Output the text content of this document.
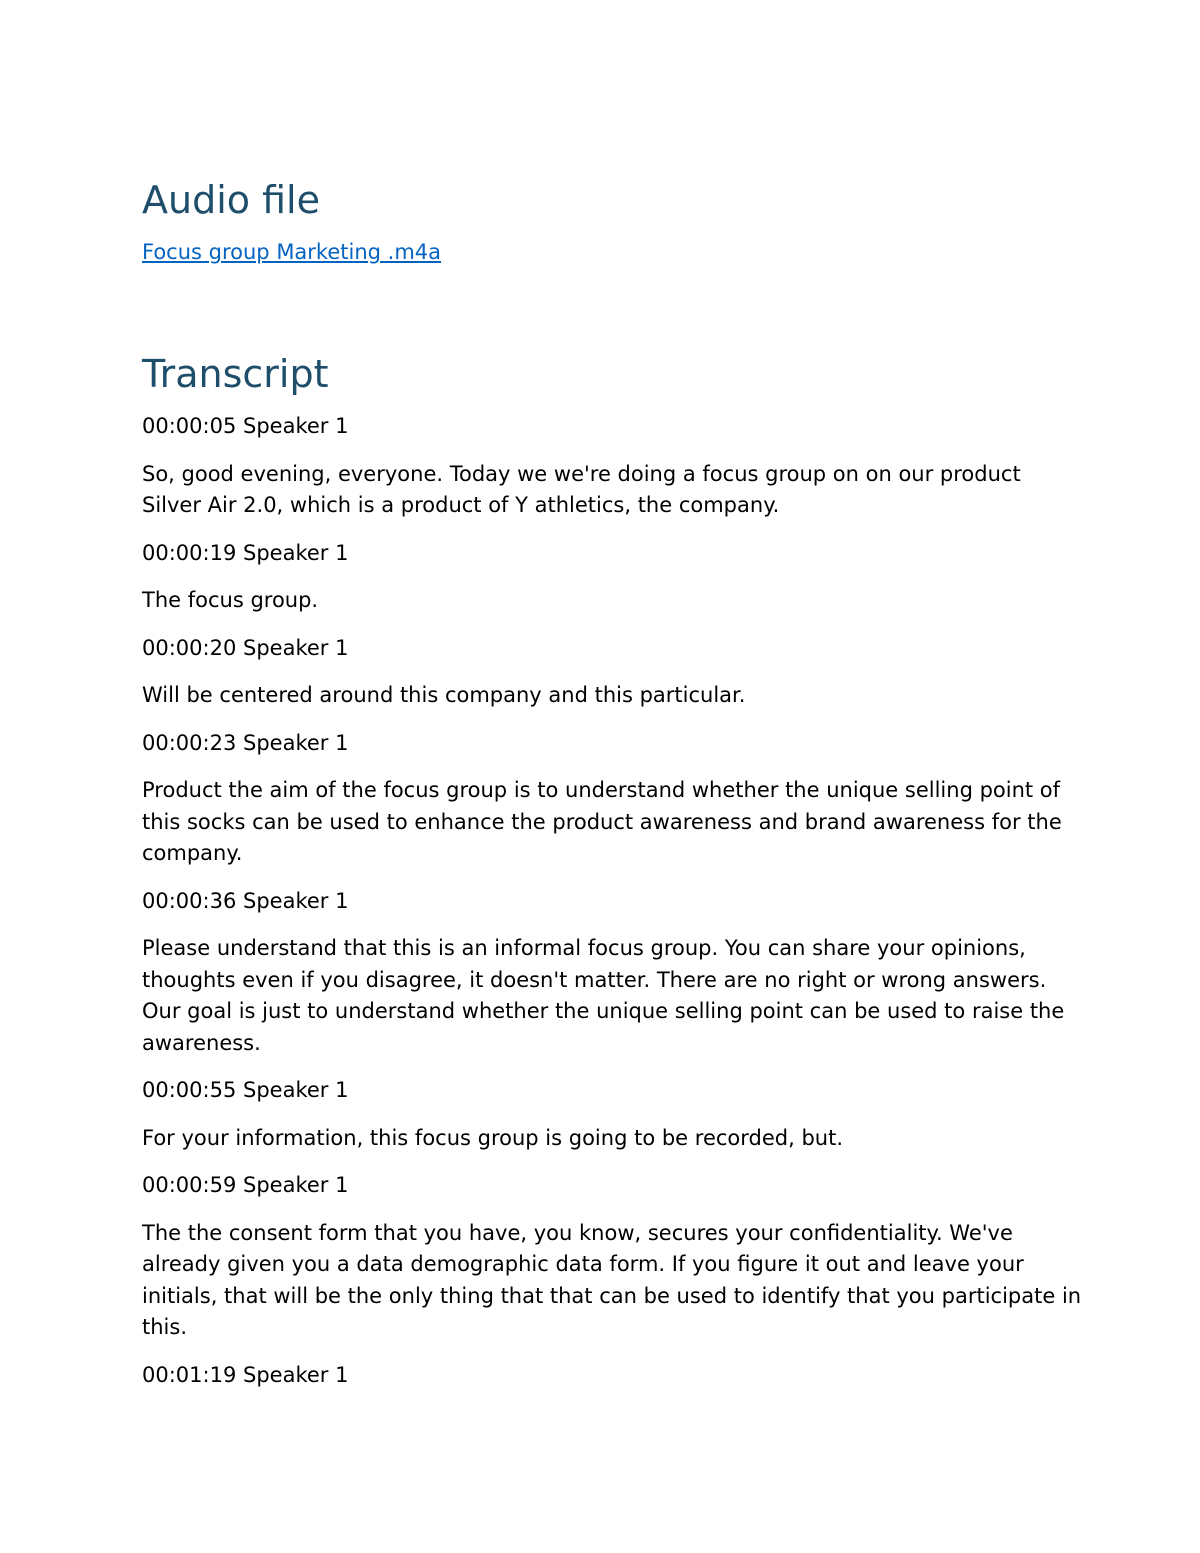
Audio file
Focus group Marketing .m4a
Transcript

00:00:05 Speaker 1

So, good evening, everyone. Today we we're doing a focus group on on our product Silver Air 2.0, which is a product of Y athletics, the company.

00:00:19 Speaker 1

The focus group.

00:00:20 Speaker 1

Will be centered around this company and this particular.

00:00:23 Speaker 1

Product the aim of the focus group is to understand whether the unique selling point of this socks can be used to enhance the product awareness and brand awareness for the company.

00:00:36 Speaker 1

Please understand that this is an informal focus group. You can share your opinions, thoughts even if you disagree, it doesn't matter. There are no right or wrong answers. Our goal is just to understand whether the unique selling point can be used to raise the awareness.

00:00:55 Speaker 1

For your information, this focus group is going to be recorded, but.

00:00:59 Speaker 1

The the consent form that you have, you know, secures your confidentiality. We've already given you a data demographic data form. If you figure it out and leave your initials, that will be the only thing that that can be used to identify that you participate in this.

00:01:19 Speaker 1
